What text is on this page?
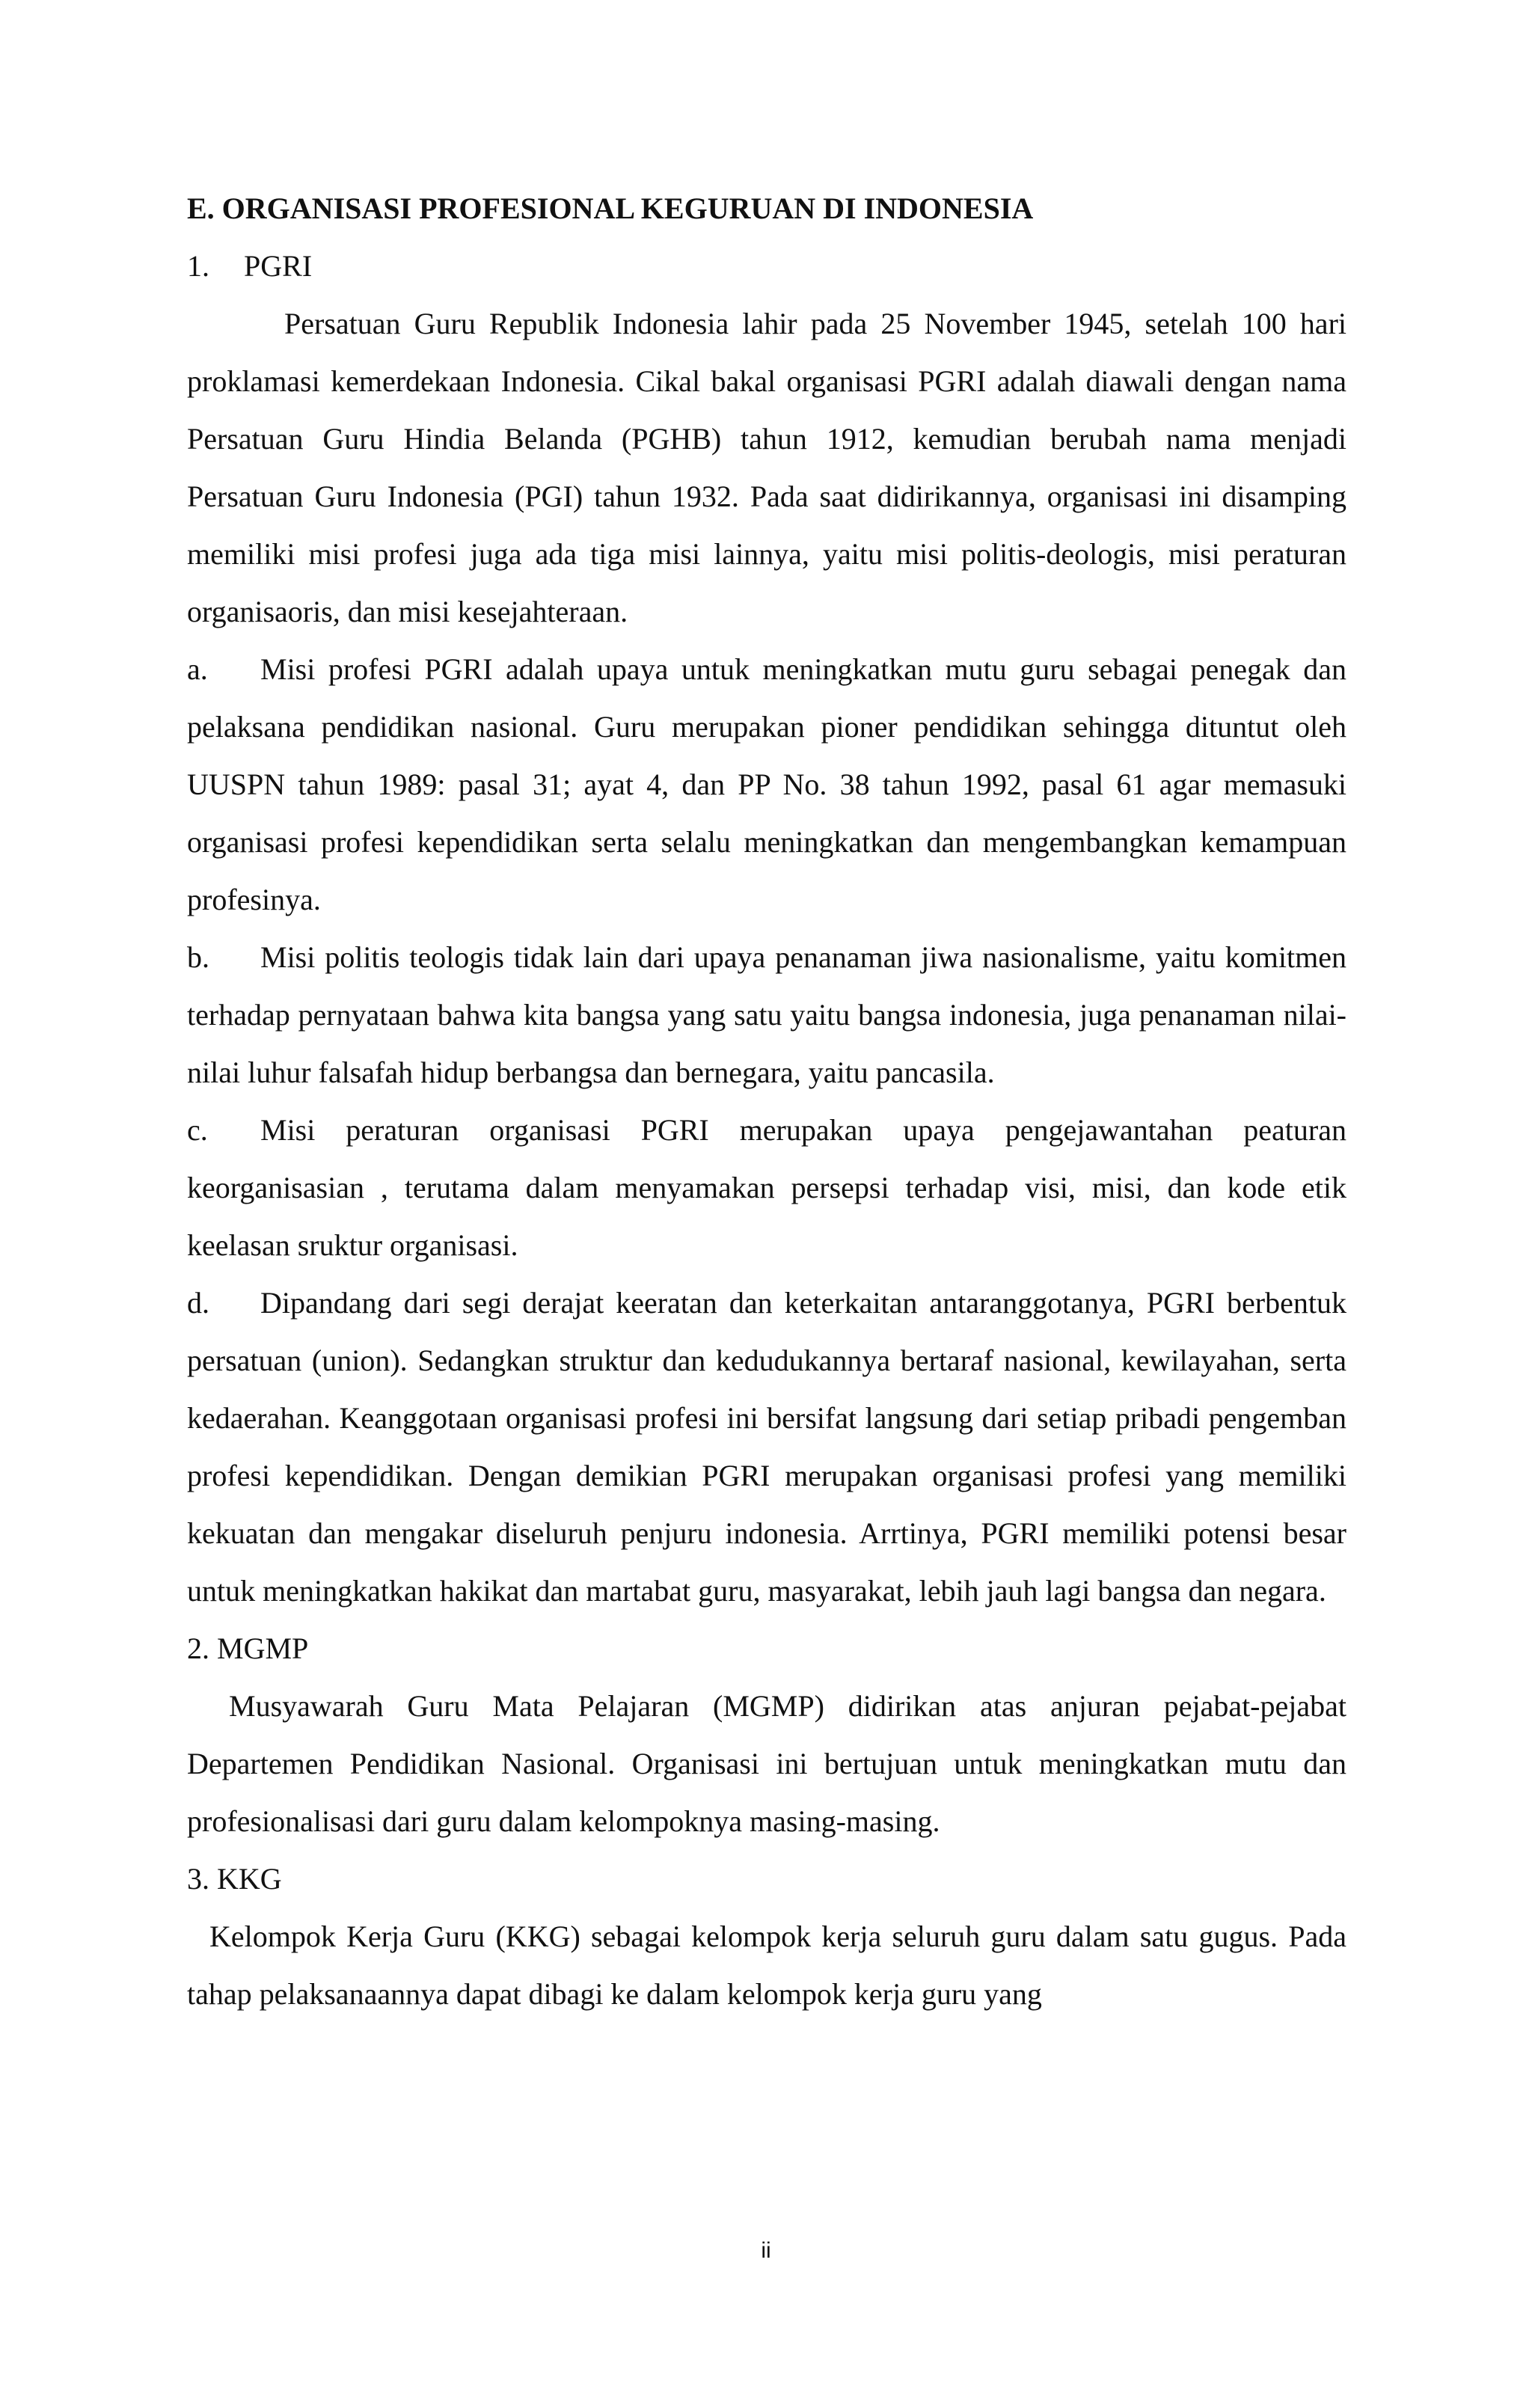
E. ORGANISASI PROFESIONAL KEGURUAN DI INDONESIA
1. PGRI

Persatuan Guru Republik Indonesia lahir pada 25 November 1945, setelah 100 hari proklamasi kemerdekaan Indonesia. Cikal bakal organisasi PGRI adalah diawali dengan nama Persatuan Guru Hindia Belanda (PGHB) tahun 1912, kemudian berubah nama menjadi Persatuan Guru Indonesia (PGI) tahun 1932. Pada saat didirikannya, organisasi ini disamping memiliki misi profesi juga ada tiga misi lainnya, yaitu misi politis-deologis, misi peraturan organisaoris, dan misi kesejahteraan.

a. Misi profesi PGRI adalah upaya untuk meningkatkan mutu guru sebagai penegak dan pelaksana pendidikan nasional. Guru merupakan pioner pendidikan sehingga dituntut oleh UUSPN tahun 1989: pasal 31; ayat 4, dan PP No. 38 tahun 1992, pasal 61 agar memasuki organisasi profesi kependidikan serta selalu meningkatkan dan mengembangkan kemampuan profesinya.

b. Misi politis teologis tidak lain dari upaya penanaman jiwa nasionalisme, yaitu komitmen terhadap pernyataan bahwa kita bangsa yang satu yaitu bangsa indonesia, juga penanaman nilai-nilai luhur falsafah hidup berbangsa dan bernegara, yaitu pancasila.

c. Misi peraturan organisasi PGRI merupakan upaya pengejawantahan peaturan keorganisasian , terutama dalam menyamakan persepsi terhadap visi, misi, dan kode etik keelasan sruktur organisasi.

d. Dipandang dari segi derajat keeratan dan keterkaitan antaranggotanya, PGRI berbentuk persatuan (union). Sedangkan struktur dan kedudukannya bertaraf nasional, kewilayahan, serta kedaerahan. Keanggotaan organisasi profesi ini bersifat langsung dari setiap pribadi pengemban profesi kependidikan. Dengan demikian PGRI merupakan organisasi profesi yang memiliki kekuatan dan mengakar diseluruh penjuru indonesia. Arrtinya, PGRI memiliki potensi besar untuk meningkatkan hakikat dan martabat guru, masyarakat, lebih jauh lagi bangsa dan negara.

2. MGMP

Musyawarah Guru Mata Pelajaran (MGMP) didirikan atas anjuran pejabat-pejabat Departemen Pendidikan Nasional. Organisasi ini bertujuan untuk meningkatkan mutu dan profesionalisasi dari guru dalam kelompoknya masing-masing.

3. KKG

Kelompok Kerja Guru (KKG) sebagai kelompok kerja seluruh guru dalam satu gugus. Pada tahap pelaksanaannya dapat dibagi ke dalam kelompok kerja guru yang

ii
